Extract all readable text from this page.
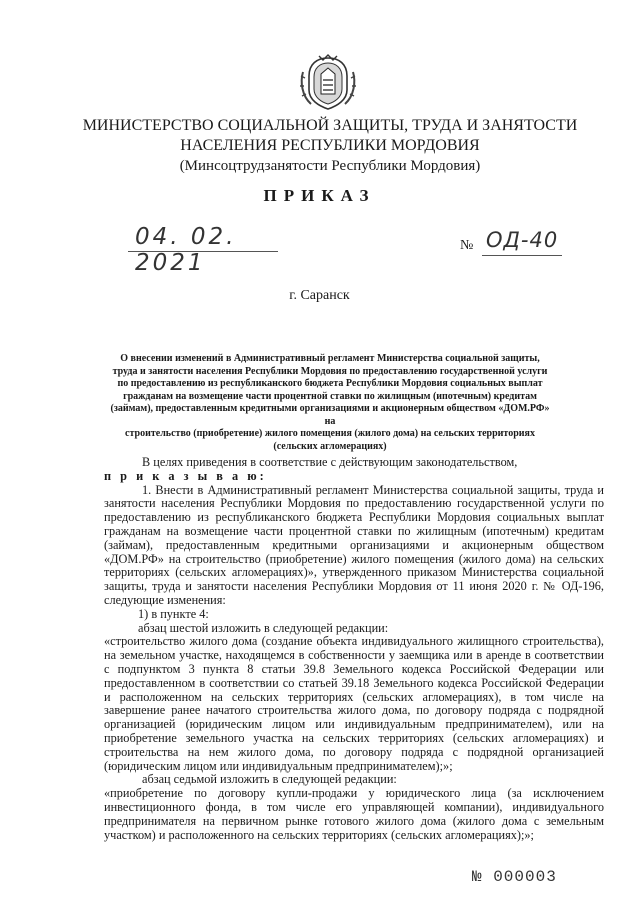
МИНИСТЕРСТВО СОЦИАЛЬНОЙ ЗАЩИТЫ, ТРУДА И ЗАНЯТОСТИ
НАСЕЛЕНИЯ РЕСПУБЛИКИ МОРДОВИЯ
(Минсоцтрудзанятости Республики Мордовия)
ПРИКАЗ
04. 02. 2021
№ ОД-40
г. Саранск
О внесении изменений в Административный регламент Министерства социальной защиты,
труда и занятости населения Республики Мордовия по предоставлению государственной услуги
по предоставлению из республиканского бюджета Республики Мордовия социальных выплат
гражданам на возмещение части процентной ставки по жилищным (ипотечным) кредитам
(займам), предоставленным кредитными организациями и акционерным обществом «ДОМ.РФ» на
строительство (приобретение) жилого помещения (жилого дома) на сельских территориях
(сельских агломерациях)

В целях приведения в соответствие с действующим законодательством,

п р и к а з ы в а ю:

1. Внести в Административный регламент Министерства социальной защиты, труда и занятости населения Республики Мордовия по предоставлению государственной услуги по предоставлению из республиканского бюджета Республики Мордовия социальных выплат гражданам на возмещение части процентной ставки по жилищным (ипотечным) кредитам (займам), предоставленным кредитными организациями и акционерным обществом «ДОМ.РФ» на строительство (приобретение) жилого помещения (жилого дома) на сельских территориях (сельских агломерациях)», утвержденного приказом Министерства социальной защиты, труда и занятости населения Республики Мордовия от 11 июня 2020 г. № ОД-196, следующие изменения:

1) в пункте 4:

абзац шестой изложить в следующей редакции:

«строительство жилого дома (создание объекта индивидуального жилищного строительства), на земельном участке, находящемся в собственности у заемщика или в аренде в соответствии с подпунктом 3 пункта 8 статьи 39.8 Земельного кодекса Российской Федерации или предоставленном в соответствии со статьей 39.18 Земельного кодекса Российской Федерации и расположенном на сельских территориях (сельских агломерациях), в том числе на завершение ранее начатого строительства жилого дома, по договору подряда с подрядной организацией (юридическим лицом или индивидуальным предпринимателем), или на приобретение земельного участка на сельских территориях (сельских агломерациях) и строительства на нем жилого дома, по договору подряда с подрядной организацией (юридическим лицом или индивидуальным предпринимателем);»;

абзац седьмой изложить в следующей редакции:

«приобретение по договору купли-продажи у юридического лица (за исключением инвестиционного фонда, в том числе его управляющей компании), индивидуального предпринимателя на первичном рынке готового жилого дома (жилого дома с земельным участком) и расположенного на сельских территориях (сельских агломерациях);»;

№ 000003
